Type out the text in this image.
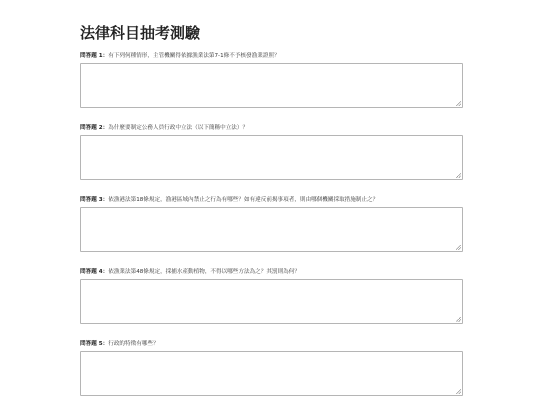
法律科目抽考測驗
問答題 1：有下列何種情形，主管機關得依據漁業法第7-1條不予核發漁業證照？
問答題 2：為什麼要制定公務人員行政中立法（以下簡稱中立法）？
問答題 3：依漁港法第18條規定，漁港區域內禁止之行為有哪些？如有違反前揭事項者，則由哪個機關採取措施制止之？
問答題 4：依漁業法第48條規定，採捕水產動植物，不得以哪些方法為之？其罰則為何？
問答題 5：行政的特徵有哪些？
